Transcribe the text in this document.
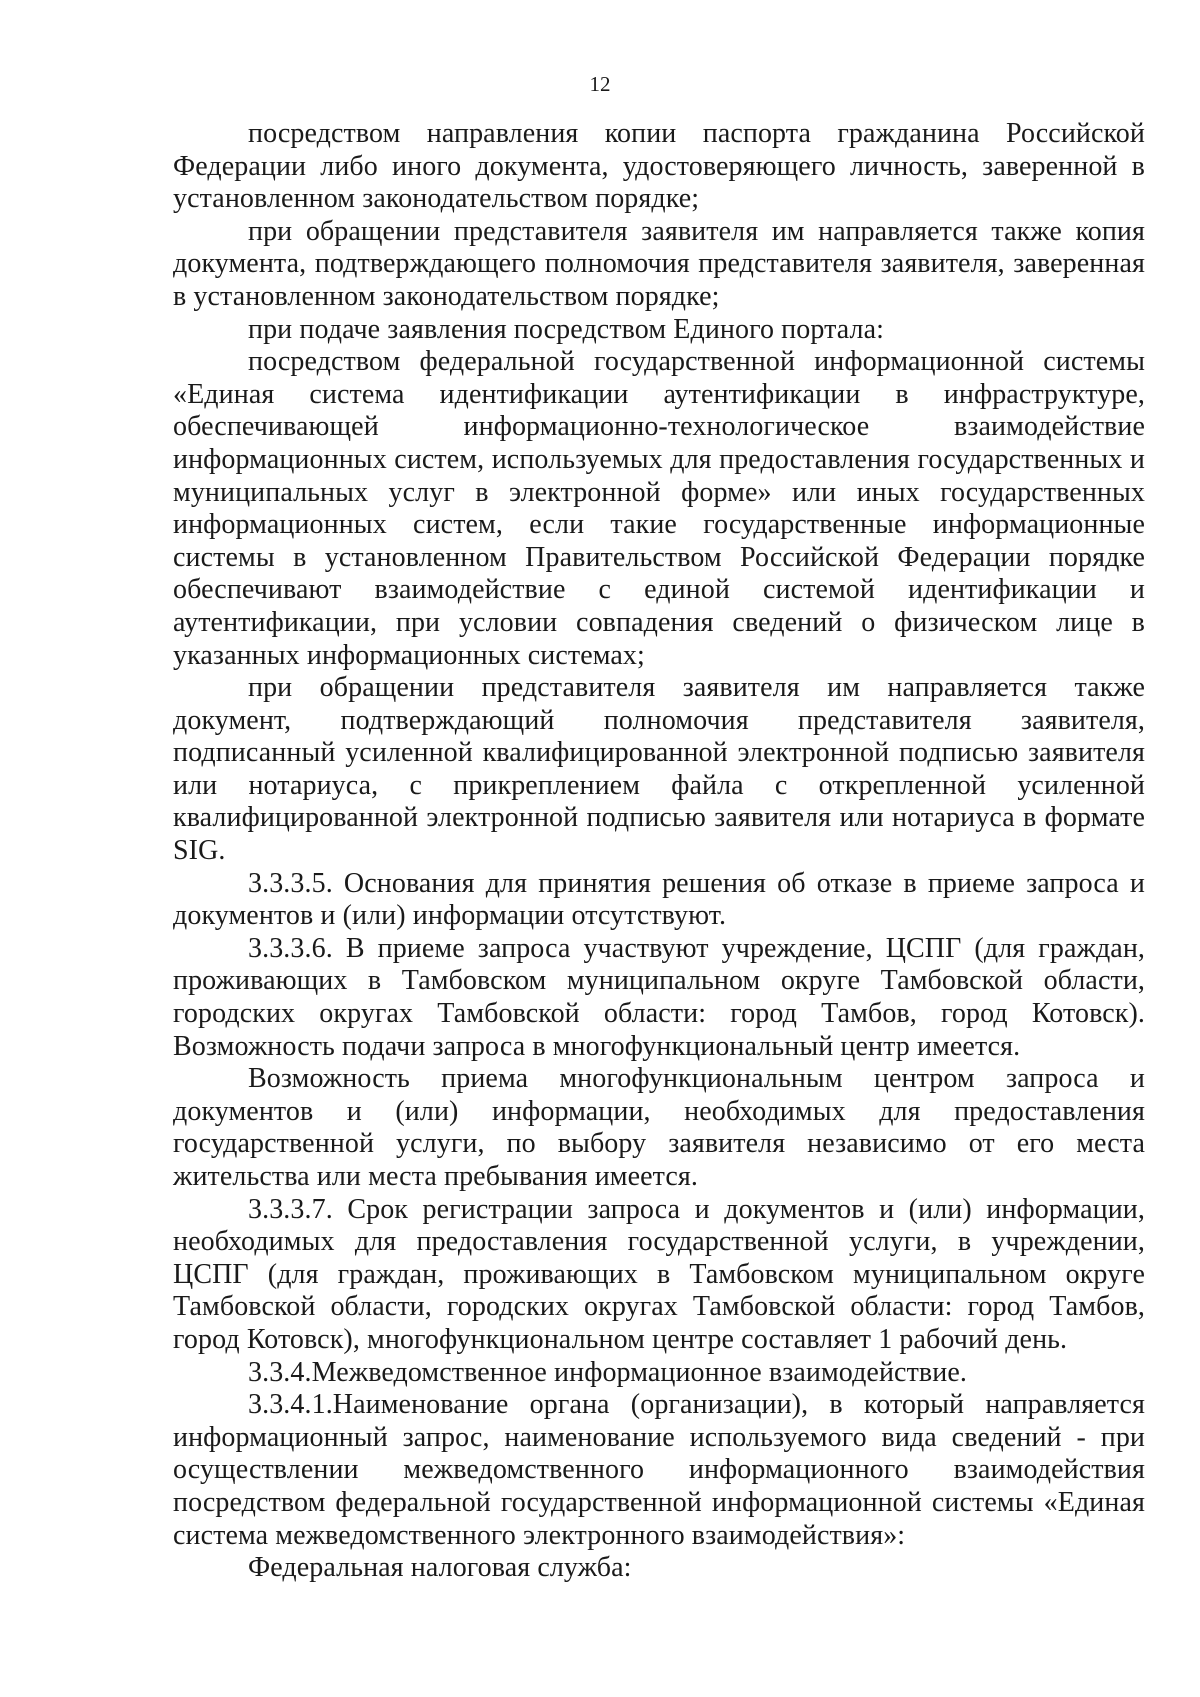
12

посредством направления копии паспорта гражданина Российской Федерации либо иного документа, удостоверяющего личность, заверенной в установленном законодательством порядке;

при обращении представителя заявителя им направляется также копия документа, подтверждающего полномочия представителя заявителя, заверенная в установленном законодательством порядке;

при подаче заявления посредством Единого портала:

посредством федеральной государственной информационной системы «Единая система идентификации аутентификации в инфраструктуре, обеспечивающей информационно-технологическое взаимодействие информационных систем, используемых для предоставления государственных и муниципальных услуг в электронной форме» или иных государственных информационных систем, если такие государственные информационные системы в установленном Правительством Российской Федерации порядке обеспечивают взаимодействие с единой системой идентификации и аутентификации, при условии совпадения сведений о физическом лице в указанных информационных системах;

при обращении представителя заявителя им направляется также документ, подтверждающий полномочия представителя заявителя, подписанный усиленной квалифицированной электронной подписью заявителя или нотариуса, с прикреплением файла с открепленной усиленной квалифицированной электронной подписью заявителя или нотариуса в формате SIG.

3.3.3.5. Основания для принятия решения об отказе в приеме запроса и документов и (или) информации отсутствуют.

3.3.3.6. В приеме запроса участвуют учреждение, ЦСПГ (для граждан, проживающих в Тамбовском муниципальном округе Тамбовской области, городских округах Тамбовской области: город Тамбов, город Котовск). Возможность подачи запроса в многофункциональный центр имеется.

Возможность приема многофункциональным центром запроса и документов и (или) информации, необходимых для предоставления государственной услуги, по выбору заявителя независимо от его места жительства или места пребывания имеется.

3.3.3.7. Срок регистрации запроса и документов и (или) информации, необходимых для предоставления государственной услуги, в учреждении, ЦСПГ (для граждан, проживающих в Тамбовском муниципальном округе Тамбовской области, городских округах Тамбовской области: город Тамбов, город Котовск), многофункциональном центре составляет 1 рабочий день.

3.3.4.Межведомственное информационное взаимодействие.

3.3.4.1.Наименование органа (организации), в который направляется информационный запрос, наименование используемого вида сведений - при осуществлении межведомственного информационного взаимодействия посредством федеральной государственной информационной системы «Единая система межведомственного электронного взаимодействия»:

Федеральная налоговая служба:
